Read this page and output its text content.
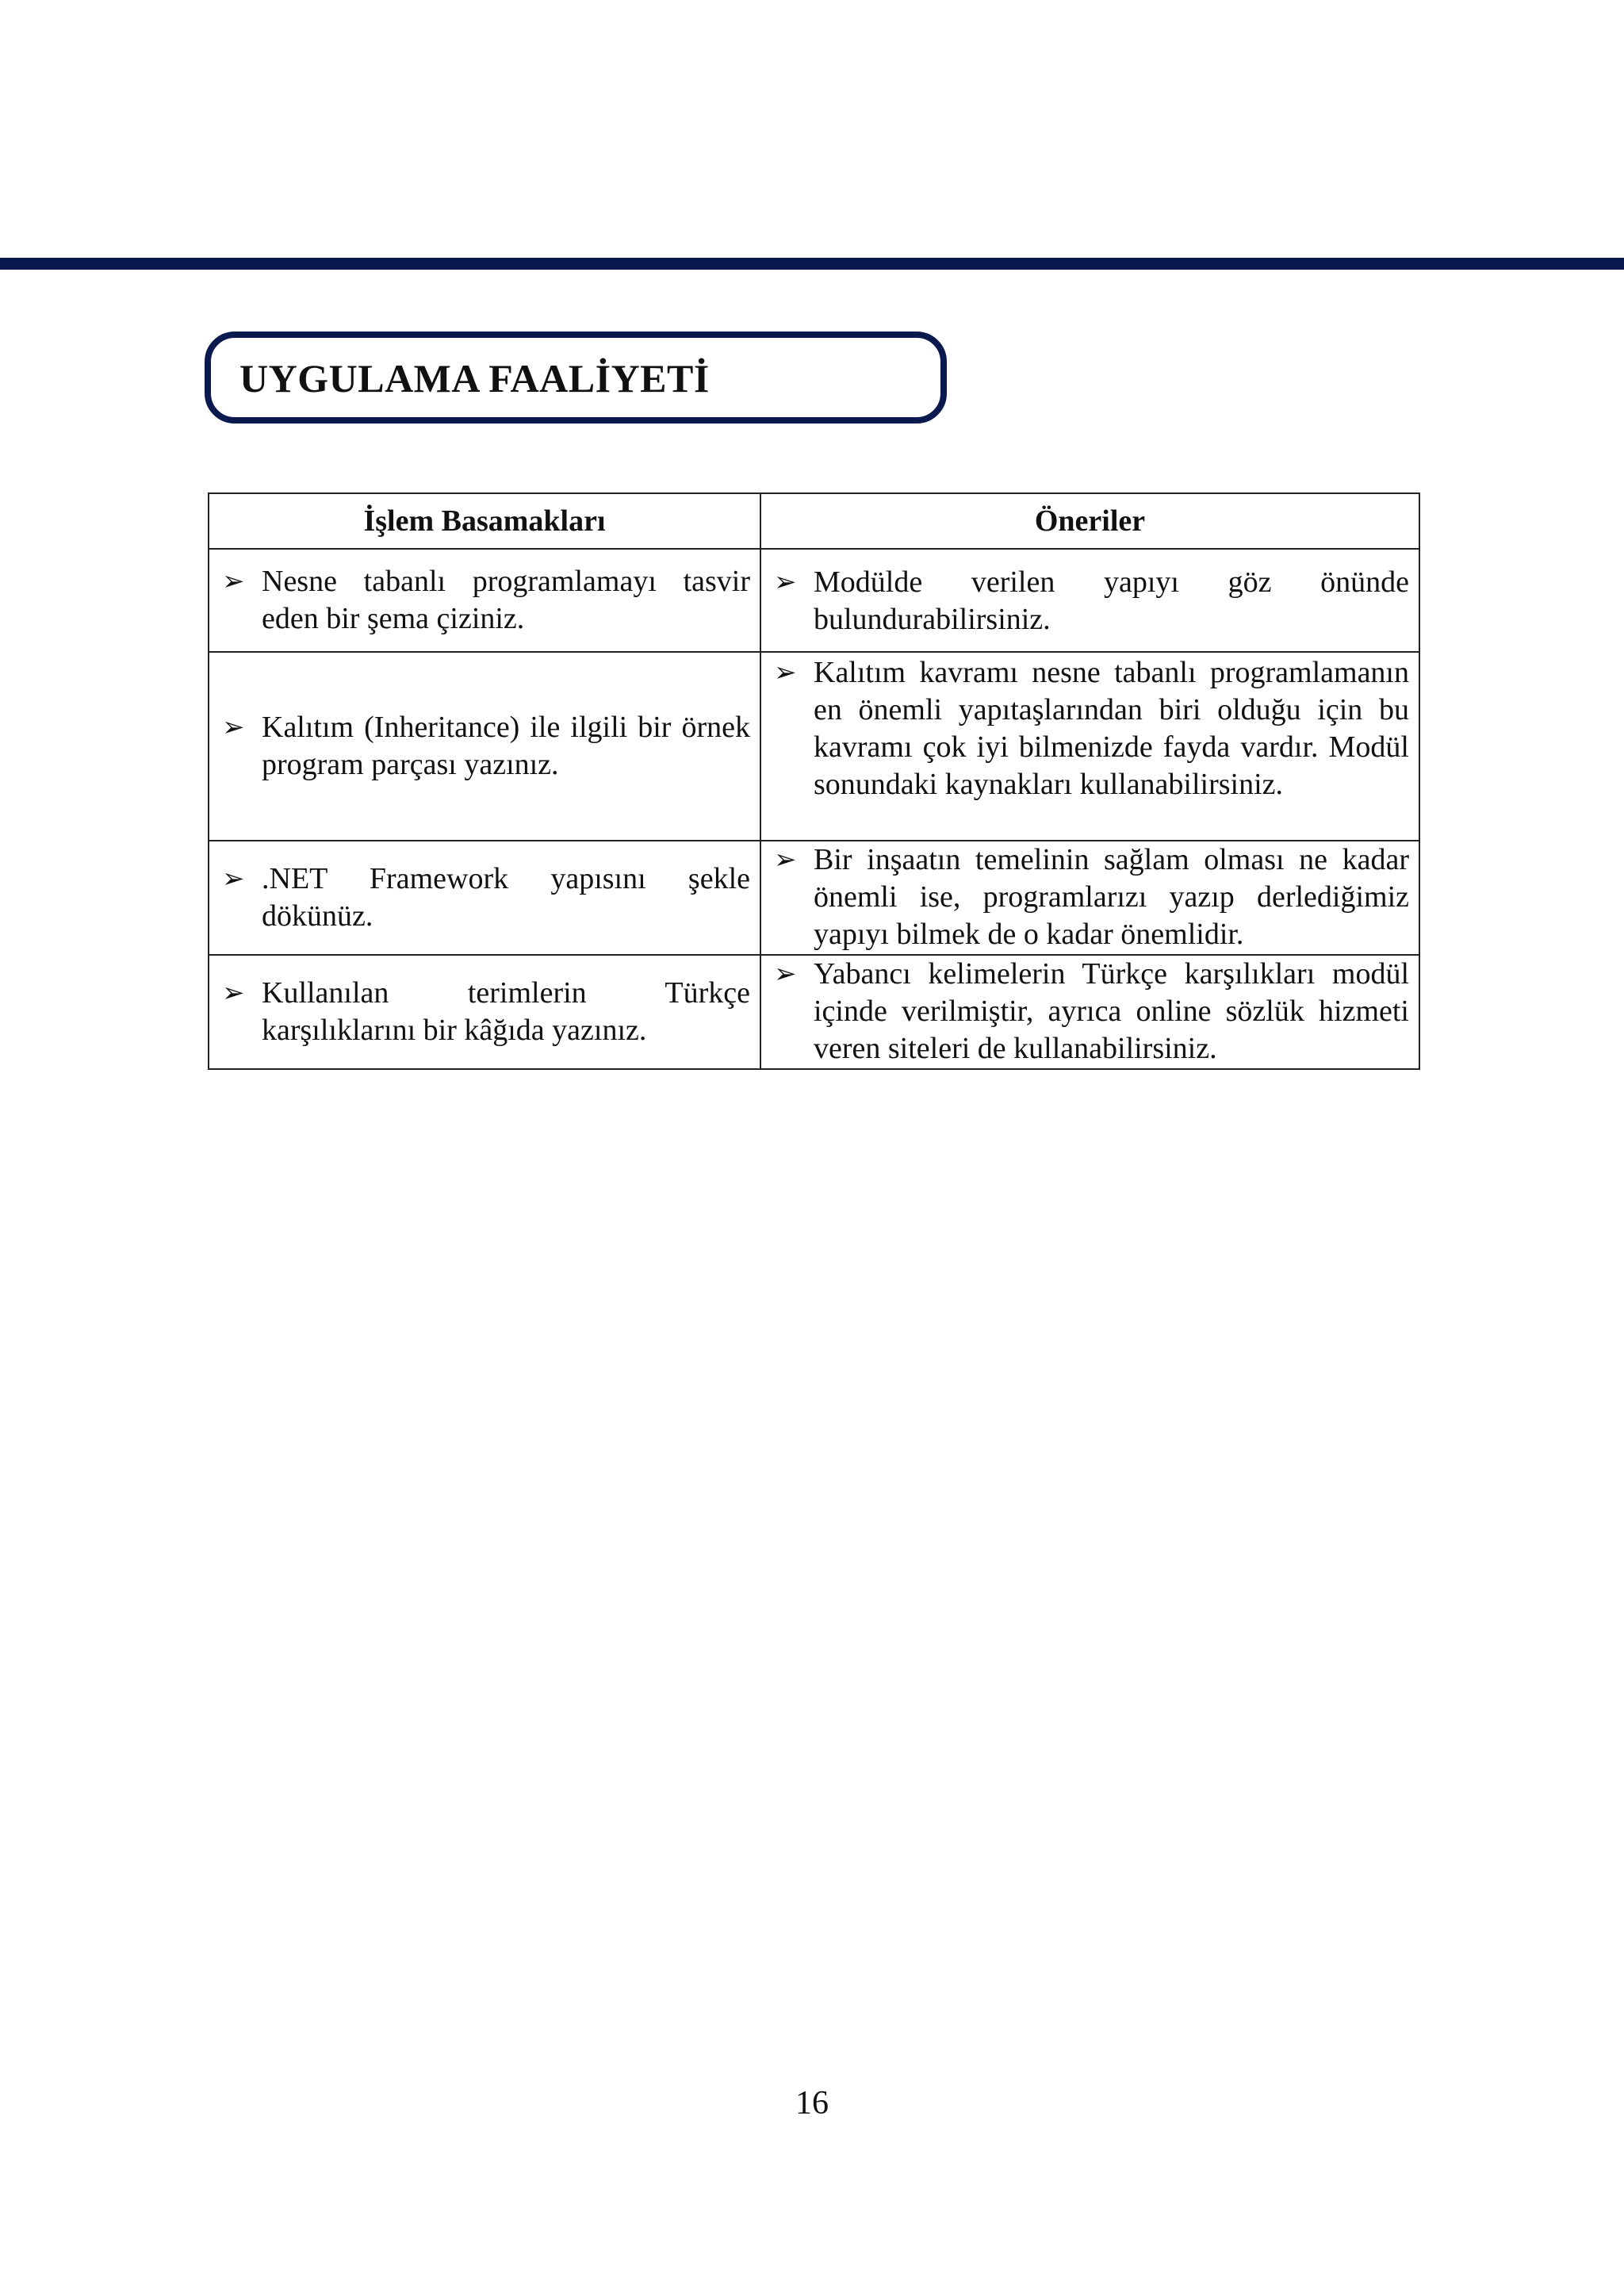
UYGULAMA FAALİYETİ
İşlem Basamakları	Öneriler

➢ Nesne tabanlı programlamayı tasvir eden bir şema çiziniz.	➢ Modülde verilen yapıyı göz önünde bulundurabilirsiniz.

➢ Kalıtım (Inheritance) ile ilgili bir örnek program parçası yazınız.	➢ Kalıtım kavramı nesne tabanlı programlamanın en önemli yapıtaşlarından biri olduğu için bu kavramı çok iyi bilmenizde fayda vardır. Modül sonundaki kaynakları kullanabilirsiniz.

➢ .NET Framework yapısını şekle dökünüz.	➢ Bir inşaatın temelinin sağlam olması ne kadar önemli ise, programlarızı yazıp derlediğimiz yapıyı bilmek de o kadar önemlidir.

➢ Kullanılan terimlerin Türkçe karşılıklarını bir kâğıda yazınız.	➢ Yabancı kelimelerin Türkçe karşılıkları modül içinde verilmiştir, ayrıca online sözlük hizmeti veren siteleri de kullanabilirsiniz.
16
